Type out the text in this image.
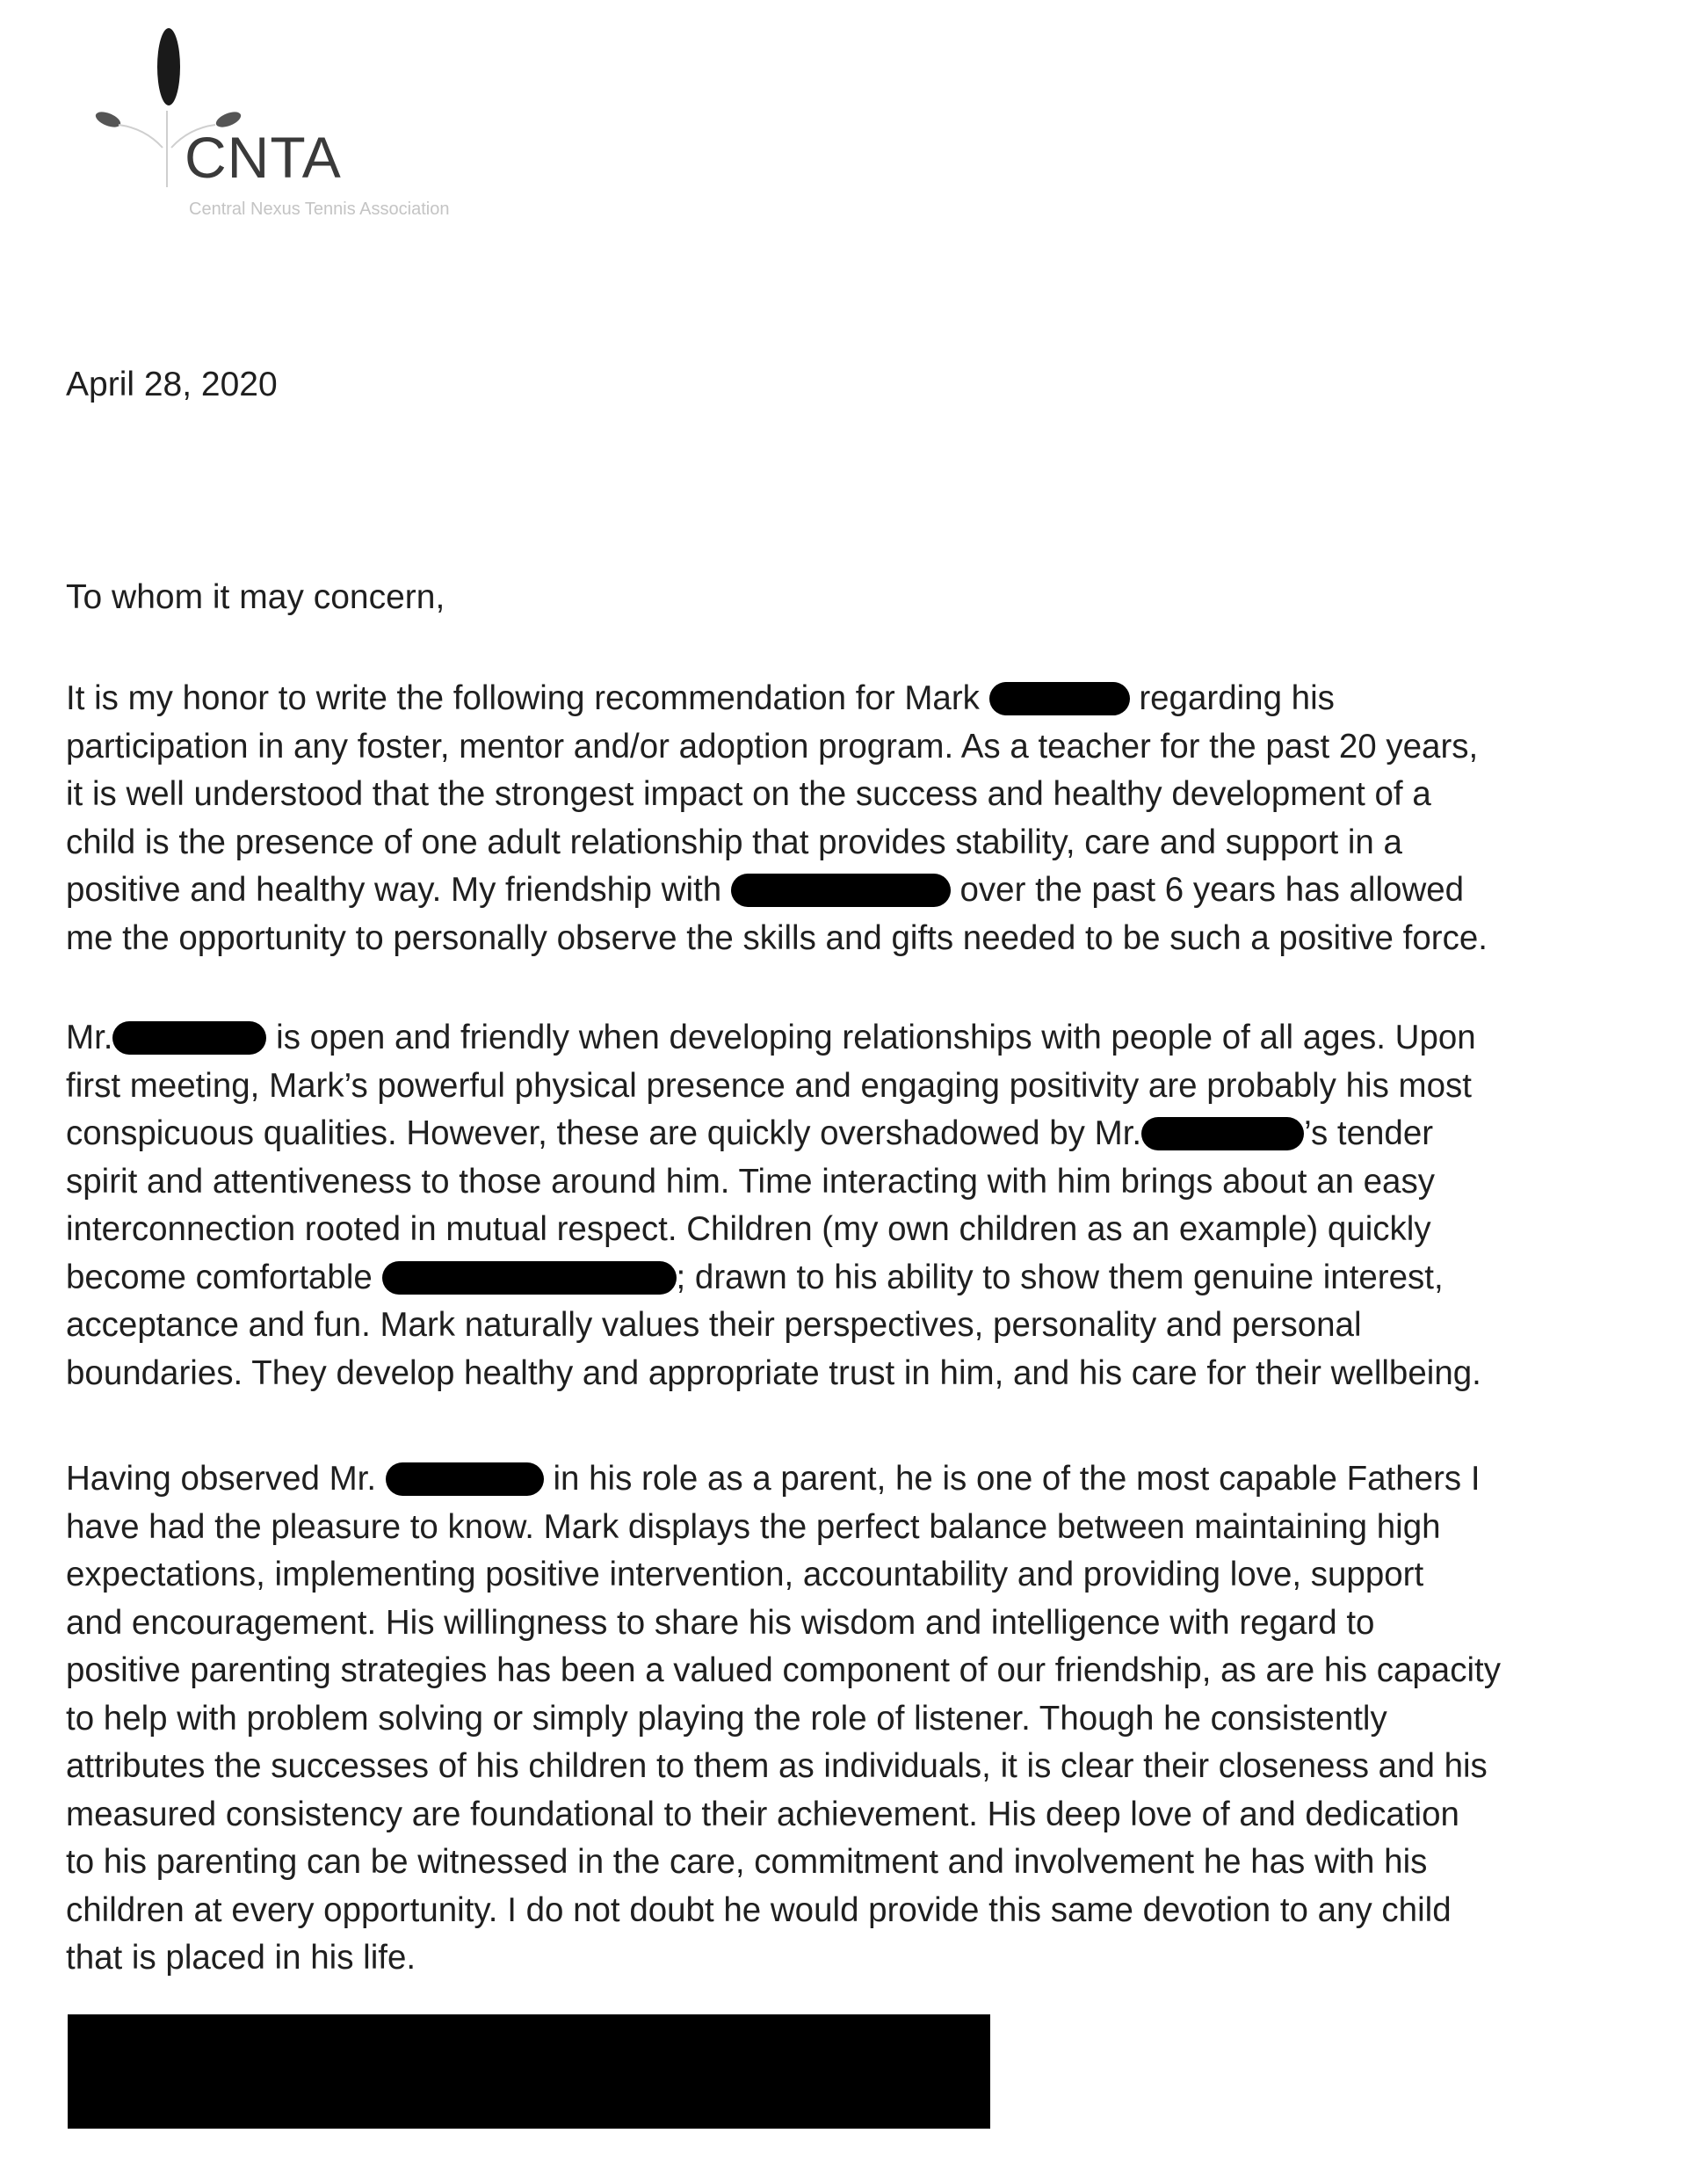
CNTA
Central Nexus Tennis Association
April 28, 2020
To whom it may concern,
It is my honor to write the following recommendation for Mark	regarding his
participation in any foster, mentor and/or adoption program. As a teacher for the past 20 years,
it is well understood that the strongest impact on the success and healthy development of a
child is the presence of one adult relationship that provides stability, care and support in a
positive and healthy way. My friendship with	over the past 6 years has allowed
me the opportunity to personally observe the skills and gifts needed to be such a positive force.
Mr.	is open and friendly when developing relationships with people of all ages. Upon
first meeting, Mark’s powerful physical presence and engaging positivity are probably his most
conspicuous qualities. However, these are quickly overshadowed by Mr.	’s tender
spirit and attentiveness to those around him. Time interacting with him brings about an easy
interconnection rooted in mutual respect. Children (my own children as an example) quickly
become comfortable	; drawn to his ability to show them genuine interest,
acceptance and fun. Mark naturally values their perspectives, personality and personal
boundaries. They develop healthy and appropriate trust in him, and his care for their wellbeing.
Having observed Mr.	in his role as a parent, he is one of the most capable Fathers I
have had the pleasure to know. Mark displays the perfect balance between maintaining high
expectations, implementing positive intervention, accountability and providing love, support
and encouragement. His willingness to share his wisdom and intelligence with regard to
positive parenting strategies has been a valued component of our friendship, as are his capacity
to help with problem solving or simply playing the role of listener. Though he consistently
attributes the successes of his children to them as individuals, it is clear their closeness and his
measured consistency are foundational to their achievement. His deep love of and dedication
to his parenting can be witnessed in the care, commitment and involvement he has with his
children at every opportunity. I do not doubt he would provide this same devotion to any child
that is placed in his life.
